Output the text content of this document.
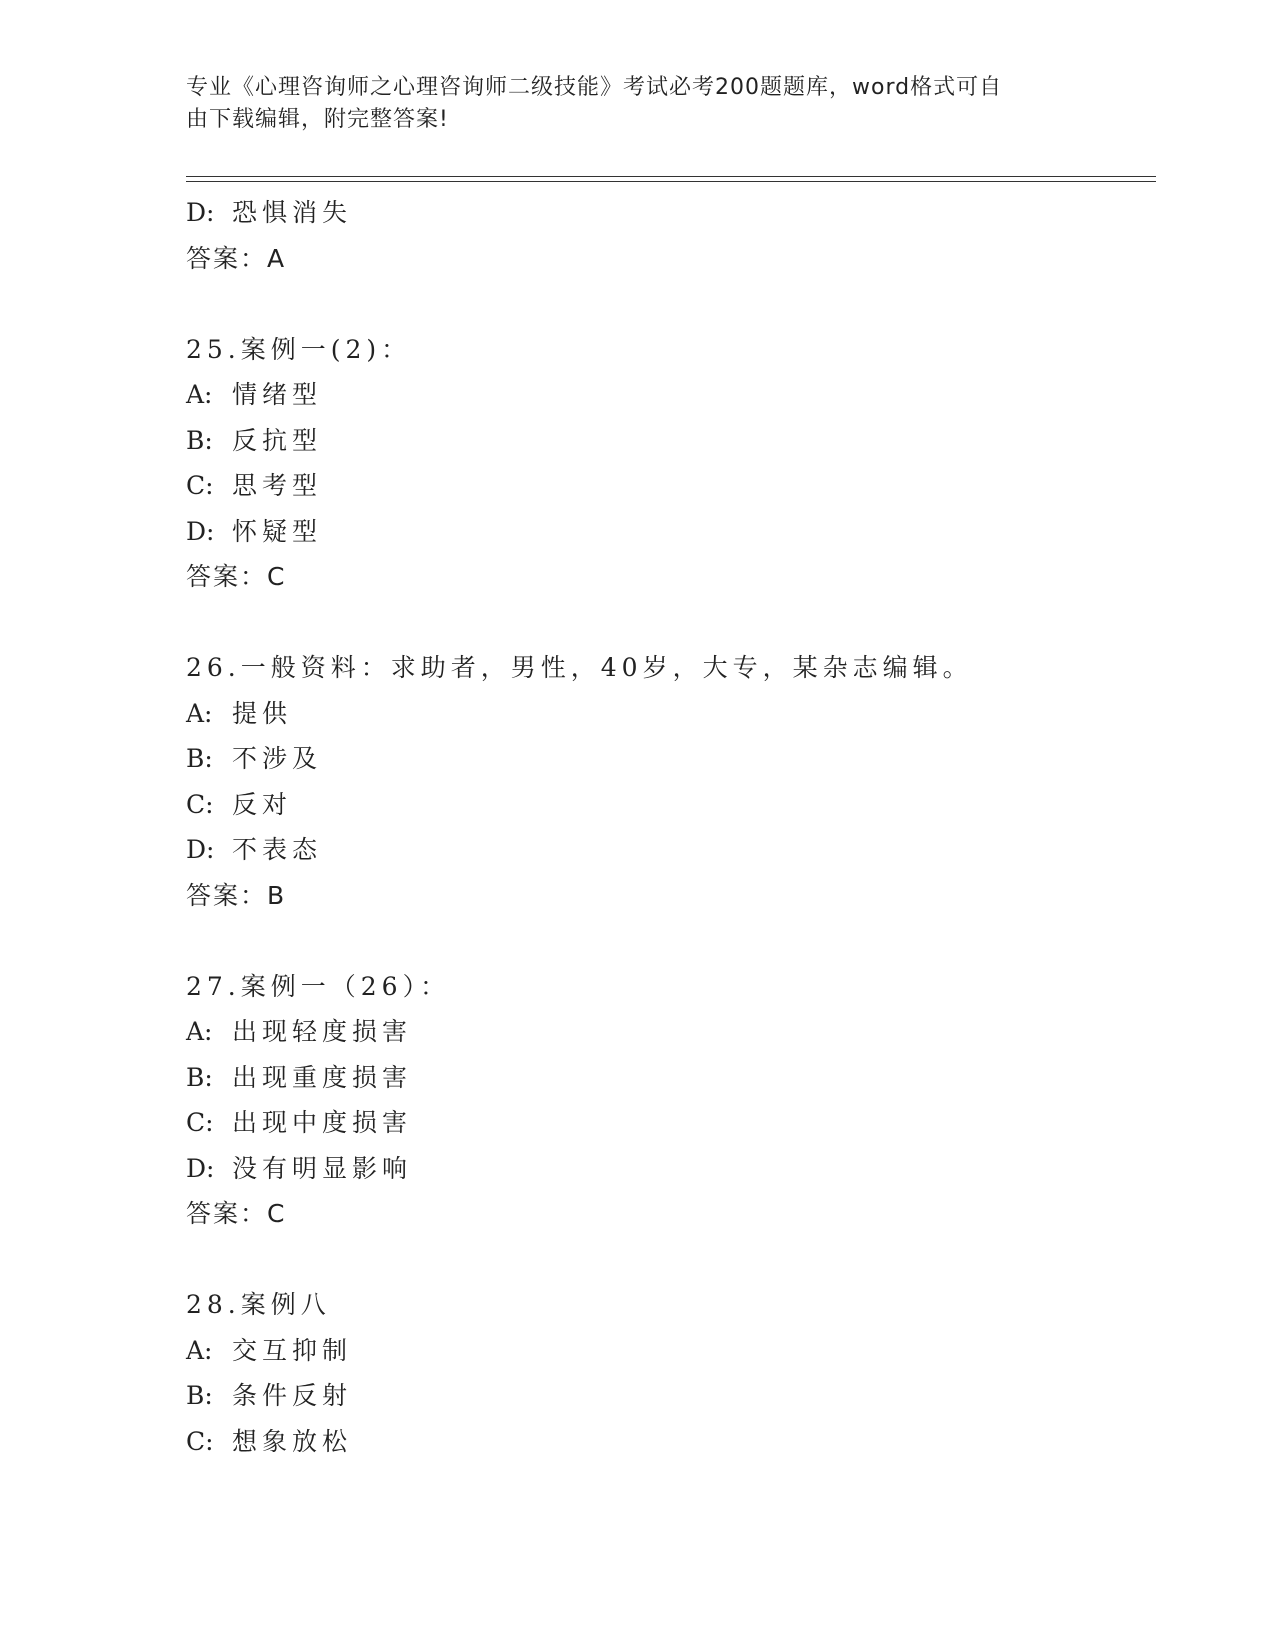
专业《心理咨询师之心理咨询师二级技能》考试必考200题题库，word格式可自
由下载编辑，附完整答案!
D: 恐惧消失
答案：A
25.案例一(2)：
A: 情绪型
B: 反抗型
C: 思考型
D: 怀疑型
答案：C
26.一般资料：求助者，男性，40岁，大专，某杂志编辑。
A: 提供
B: 不涉及
C: 反对
D: 不表态
答案：B
27.案例一（26）：
A: 出现轻度损害
B: 出现重度损害
C: 出现中度损害
D: 没有明显影响
答案：C
28.案例八
A: 交互抑制
B: 条件反射
C: 想象放松
